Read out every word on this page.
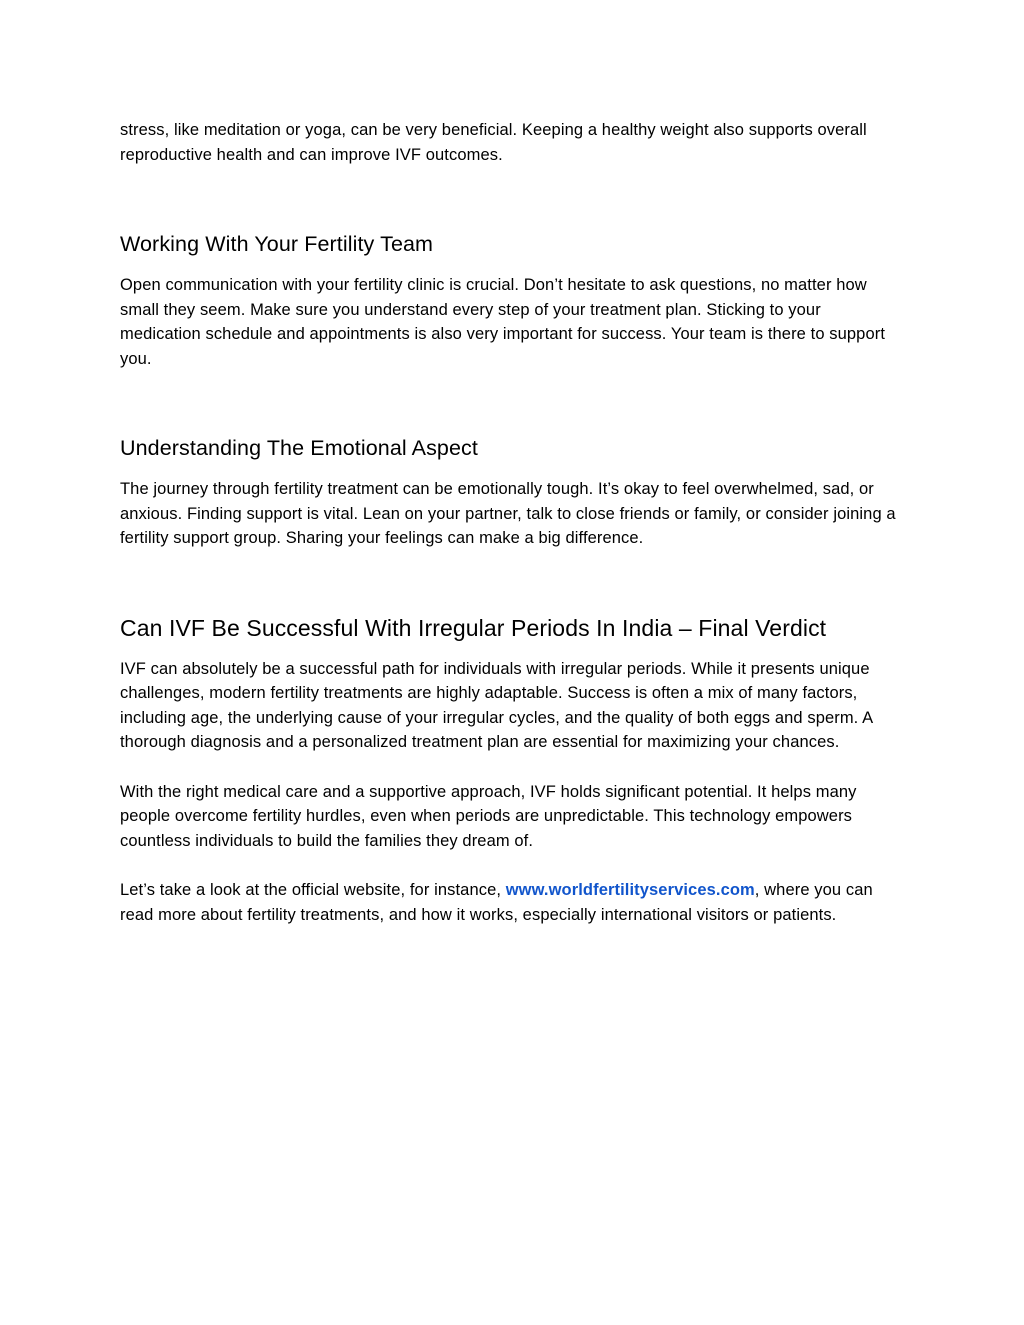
stress, like meditation or yoga, can be very beneficial. Keeping a healthy weight also supports overall reproductive health and can improve IVF outcomes.

Working With Your Fertility Team

Open communication with your fertility clinic is crucial. Don’t hesitate to ask questions, no matter how small they seem. Make sure you understand every step of your treatment plan. Sticking to your medication schedule and appointments is also very important for success. Your team is there to support you.

Understanding The Emotional Aspect

The journey through fertility treatment can be emotionally tough. It’s okay to feel overwhelmed, sad, or anxious. Finding support is vital. Lean on your partner, talk to close friends or family, or consider joining a fertility support group. Sharing your feelings can make a big difference.

Can IVF Be Successful With Irregular Periods In India – Final Verdict

IVF can absolutely be a successful path for individuals with irregular periods. While it presents unique challenges, modern fertility treatments are highly adaptable. Success is often a mix of many factors, including age, the underlying cause of your irregular cycles, and the quality of both eggs and sperm. A thorough diagnosis and a personalized treatment plan are essential for maximizing your chances.

With the right medical care and a supportive approach, IVF holds significant potential. It helps many people overcome fertility hurdles, even when periods are unpredictable. This technology empowers countless individuals to build the families they dream of.

Let’s take a look at the official website, for instance, www.worldfertilityservices.com, where you can read more about fertility treatments, and how it works, especially international visitors or patients.
